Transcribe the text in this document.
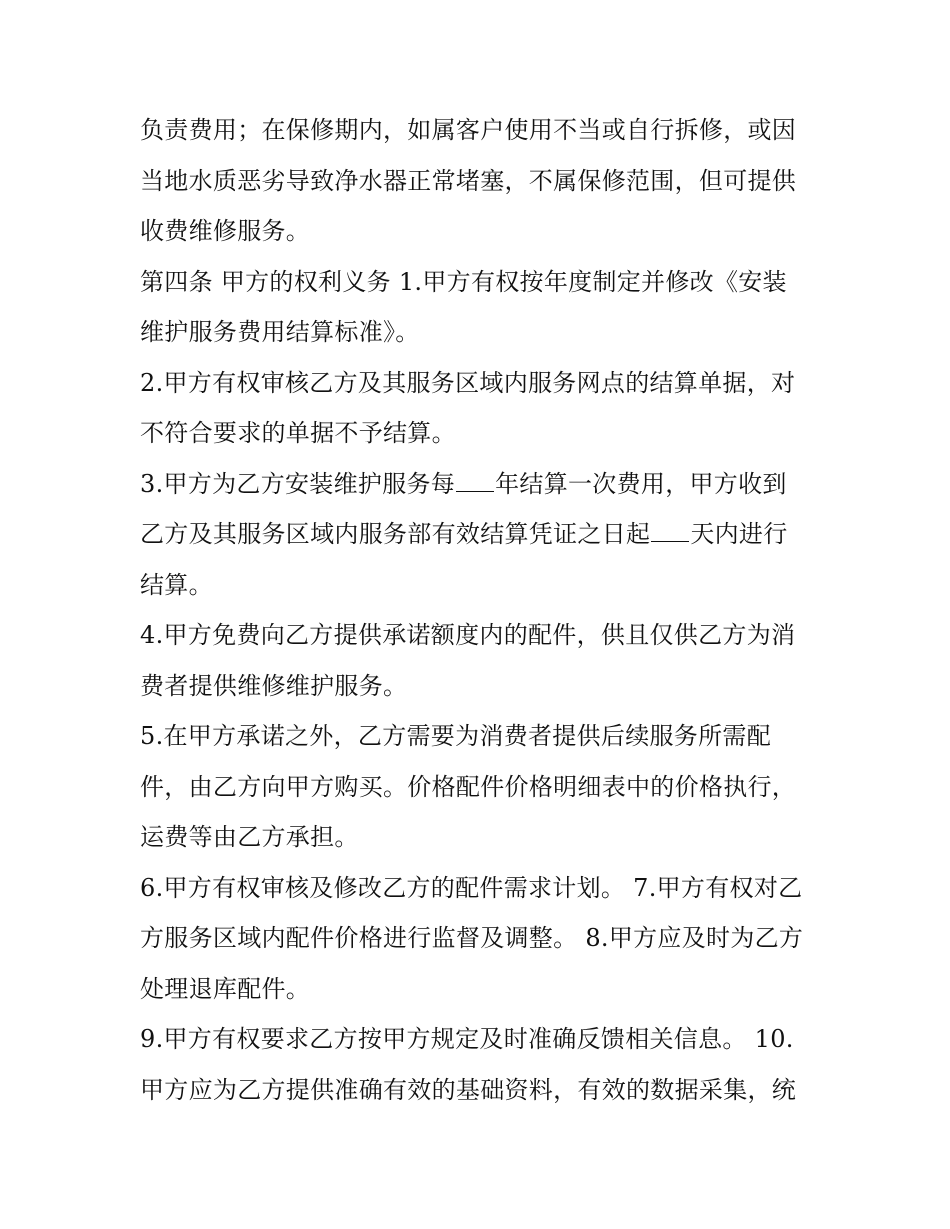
负责费用；在保修期内，如属客户使用不当或自行拆修，或因
当地水质恶劣导致净水器正常堵塞，不属保修范围，但可提供
收费维修服务。
第四条 甲方的权利义务 1.甲方有权按年度制定并修改《安装
维护服务费用结算标准》。
2.甲方有权审核乙方及其服务区域内服务网点的结算单据，对
不符合要求的单据不予结算。
3.甲方为乙方安装维护服务每 年结算一次费用，甲方收到
乙方及其服务区域内服务部有效结算凭证之日起 天内进行
结算。
4.甲方免费向乙方提供承诺额度内的配件，供且仅供乙方为消
费者提供维修维护服务。
5.在甲方承诺之外，乙方需要为消费者提供后续服务所需配
件，由乙方向甲方购买。价格配件价格明细表中的价格执行，
运费等由乙方承担。
6.甲方有权审核及修改乙方的配件需求计划。 7.甲方有权对乙
方服务区域内配件价格进行监督及调整。 8.甲方应及时为乙方
处理退库配件。
9.甲方有权要求乙方按甲方规定及时准确反馈相关信息。 10.
甲方应为乙方提供准确有效的基础资料，有效的数据采集，统
